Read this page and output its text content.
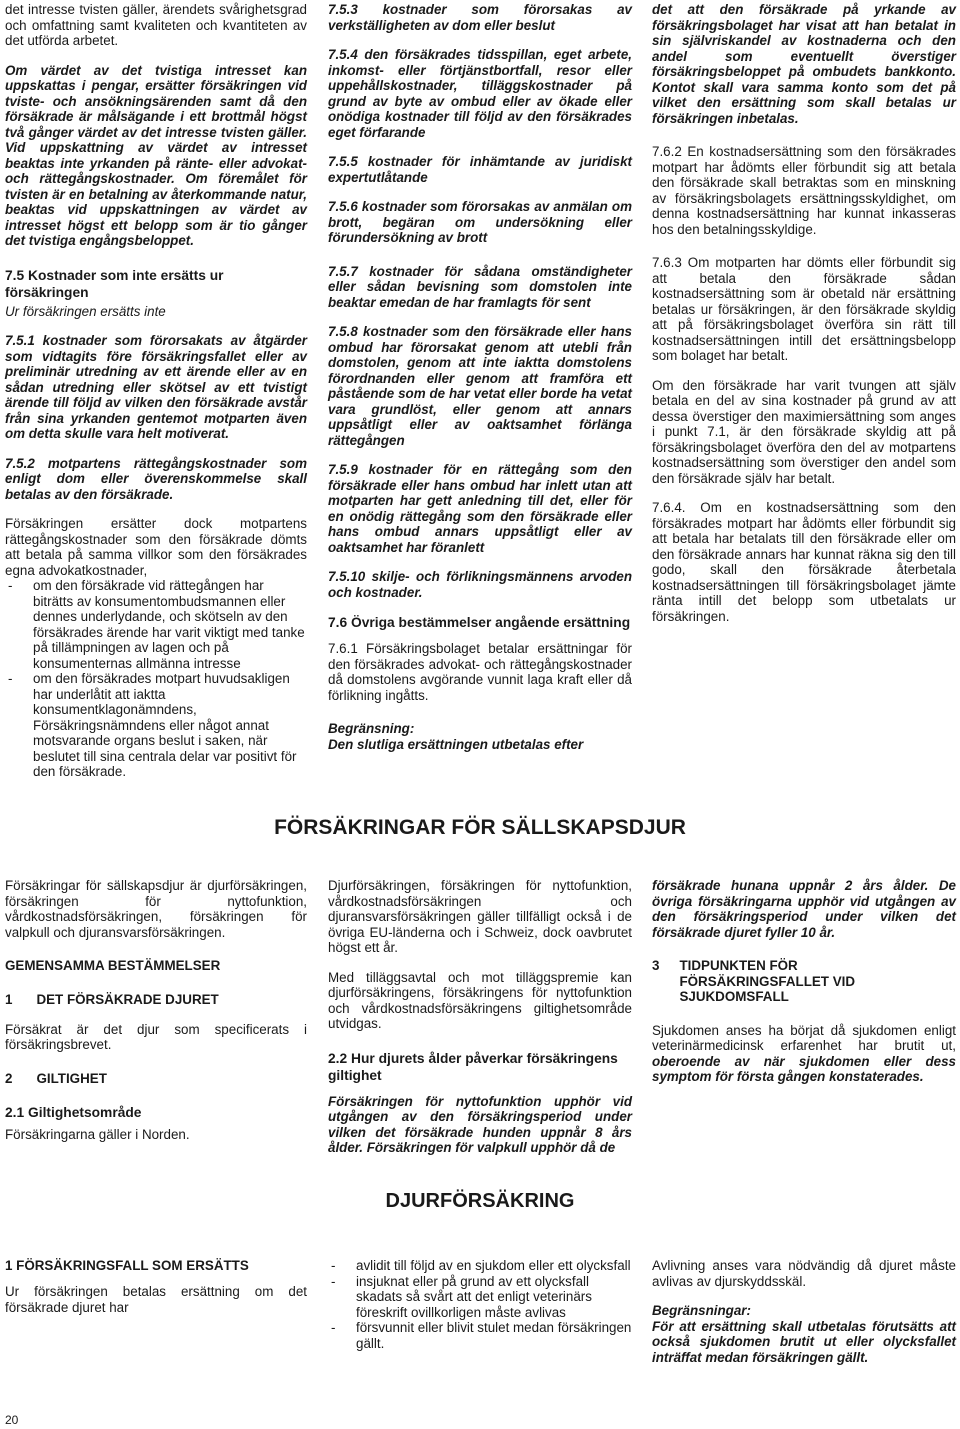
det intresse tvisten gäller, ärendets svårighetsgrad och omfattning samt kvaliteten och kvantiteten av det utförda arbetet.

Om värdet av det tvistiga intresset kan uppskattas i pengar, ersätter försäkringen vid tviste- och ansökningsärenden samt då den försäkrade är målsägande i ett brottmål högst två gånger värdet av det intresse tvisten gäller. Vid uppskattning av värdet av intresset beaktas inte yrkanden på ränte- eller advokat- och rättegångskostnader. Om föremålet för tvisten är en betalning av återkommande natur, beaktas vid uppskattningen av värdet av intresset högst ett belopp som är tio gånger det tvistiga engångsbeloppet.

7.5 Kostnader som inte ersätts ur försäkringen

Ur försäkringen ersätts inte

7.5.1 kostnader som förorsakats av åtgärder som vidtagits före försäkringsfallet eller av preliminär utredning av ett ärende eller av en sådan utredning eller skötsel av ett tvistigt ärende till följd av vilken den försäkrade avstår från sina yrkanden gentemot motparten även om detta skulle vara helt motiverat.

7.5.2 motpartens rättegångskostnader som enligt dom eller överenskommelse skall betalas av den försäkrade.

Försäkringen ersätter dock motpartens rättegångskostnader som den försäkrade dömts att betala på samma villkor som den försäkrades egna advokatkostnader,

- om den försäkrade vid rättegången har biträtts av konsumentombudsmannen eller dennes underlydande, och skötseln av den försäkrades ärende har varit viktigt med tanke på tillämpningen av lagen och på konsumenternas allmänna intresse
- om den försäkrades motpart huvudsakligen har underlåtit att iaktta konsumentklagonämndens, Försäkringsnämndens eller något annat motsvarande organs beslut i saken, när beslutet till sina centrala delar var positivt för den försäkrade.

7.5.3 kostnader som förorsakas av verkställigheten av dom eller beslut

7.5.4 den försäkrades tidsspillan, eget arbete, inkomst- eller förtjänstbortfall, resor eller uppehållskostnader, tilläggskostnader på grund av byte av ombud eller av ökade eller onödiga kostnader till följd av den försäkrades eget förfarande

7.5.5 kostnader för inhämtande av juridiskt expertutlåtande

7.5.6 kostnader som förorsakas av anmälan om brott, begäran om undersökning eller förundersökning av brott

7.5.7 kostnader för sådana omständigheter eller sådan bevisning som domstolen inte beaktar emedan de har framlagts för sent

7.5.8 kostnader som den försäkrade eller hans ombud har förorsakat genom att utebli från domstolen, genom att inte iaktta domstolens förordnanden eller genom att framföra ett påstående som de har vetat eller borde ha vetat vara grundlöst, eller genom att annars uppsåtligt eller av oaktsamhet förlänga rättegången

7.5.9 kostnader för en rättegång som den försäkrade eller hans ombud har inlett utan att motparten har gett anledning till det, eller för en onödig rättegång som den försäkrade eller hans ombud annars uppsåtligt eller av oaktsamhet har föranlett

7.5.10 skilje- och förlikningsmännens arvoden och kostnader.

7.6 Övriga bestämmelser angående ersättning

7.6.1 Försäkringsbolaget betalar ersättningar för den försäkrades advokat- och rättegångskostnader då domstolens avgörande vunnit laga kraft eller då förlikning ingåtts.

Begränsning:

Den slutliga ersättningen utbetalas efter

det att den försäkrade på yrkande av försäkringsbolaget har visat att han betalat in sin självriskandel av kostnaderna och den andel som eventuellt överstiger försäkringsbeloppet på ombudets bankkonto. Kontot skall vara samma konto som det på vilket den ersättning som skall betalas ur försäkringen inbetalas.

7.6.2 En kostnadsersättning som den försäkrades motpart har ådömts eller förbundit sig att betala den försäkrade skall betraktas som en minskning av försäkringsbolagets ersättningsskyldighet, om denna kostnadsersättning har kunnat inkasseras hos den betalningsskyldige.

7.6.3 Om motparten har dömts eller förbundit sig att betala den försäkrade sådan kostnadsersättning som är obetald när ersättning betalas ur försäkringen, är den försäkrade skyldig att på försäkringsbolaget överföra sin rätt till kostnadsersättningen intill det ersättningsbelopp som bolaget har betalt.

Om den försäkrade har varit tvungen att själv betala en del av sina kostnader på grund av att dessa överstiger den maximiersättning som anges i punkt 7.1, är den försäkrade skyldig att på försäkringsbolaget överföra den del av motpartens kostnadsersättning som överstiger den andel som den försäkrade själv har betalt.

7.6.4. Om en kostnadsersättning som den försäkrades motpart har ådömts eller förbundit sig att betala har betalats till den försäkrade eller om den försäkrade annars har kunnat räkna sig den till godo, skall den försäkrade återbetala kostnadsersättningen till försäkringsbolaget jämte ränta intill det belopp som utbetalats ur försäkringen.

FÖRSÄKRINGAR FÖR SÄLLSKAPSDJUR

Försäkringar för sällskapsdjur är djurförsäkringen, försäkringen för nyttofunktion, vårdkostnadsförsäkringen, försäkringen för valpkull och djuransvarsförsäkringen.

GEMENSAMMA BESTÄMMELSER

1 DET FÖRSÄKRADE DJURET

Försäkrat är det djur som specificerats i försäkringsbrevet.

2 GILTIGHET
2.1 Giltighetsområde

Försäkringarna gäller i Norden.

Djurförsäkringen, försäkringen för nyttofunktion, vårdkostnadsförsäkringen och djuransvarsförsäkringen gäller tillfälligt också i de övriga EU-länderna och i Schweiz, dock oavbrutet högst ett år.

Med tilläggsavtal och mot tilläggspremie kan djurförsäkringens, försäkringens för nyttofunktion och vårdkostnadsförsäkringens giltighetsområde utvidgas.

2.2 Hur djurets ålder påverkar försäkringens giltighet

Försäkringen för nyttofunktion upphör vid utgången av den försäkringsperiod under vilken det försäkrade hunden uppnår 8 års ålder. Försäkringen för valpkull upphör då de

försäkrade hunana uppnår 2 års ålder. De övriga försäkringarna upphör vid utgången av den försäkringsperiod under vilken det försäkrade djuret fyller 10 år.

3 TIDPUNKTEN FÖR FÖRSÄKRINGSFALLET VID SJUKDOMSFALL

Sjukdomen anses ha börjat då sjukdomen enligt veterinärmedicinsk erfarenhet har brutit ut, oberoende av när sjukdomen eller dess symptom för första gången konstaterades.

DJURFÖRSÄKRING

1 FÖRSÄKRINGSFALL SOM ERSÄTTS

Ur försäkringen betalas ersättning om det försäkrade djuret har

- avlidit till följd av en sjukdom eller ett olycksfall
- insjuknat eller på grund av ett olycksfall skadats så svårt att det enligt veterinärs föreskrift ovillkorligen måste avlivas
- försvunnit eller blivit stulet medan försäkringen gällt.

Avlivning anses vara nödvändig då djuret måste avlivas av djurskyddsskäl.

Begränsningar:

För att ersättning skall utbetalas förutsätts att också sjukdomen brutit ut eller olycksfallet inträffat medan försäkringen gällt.

20
